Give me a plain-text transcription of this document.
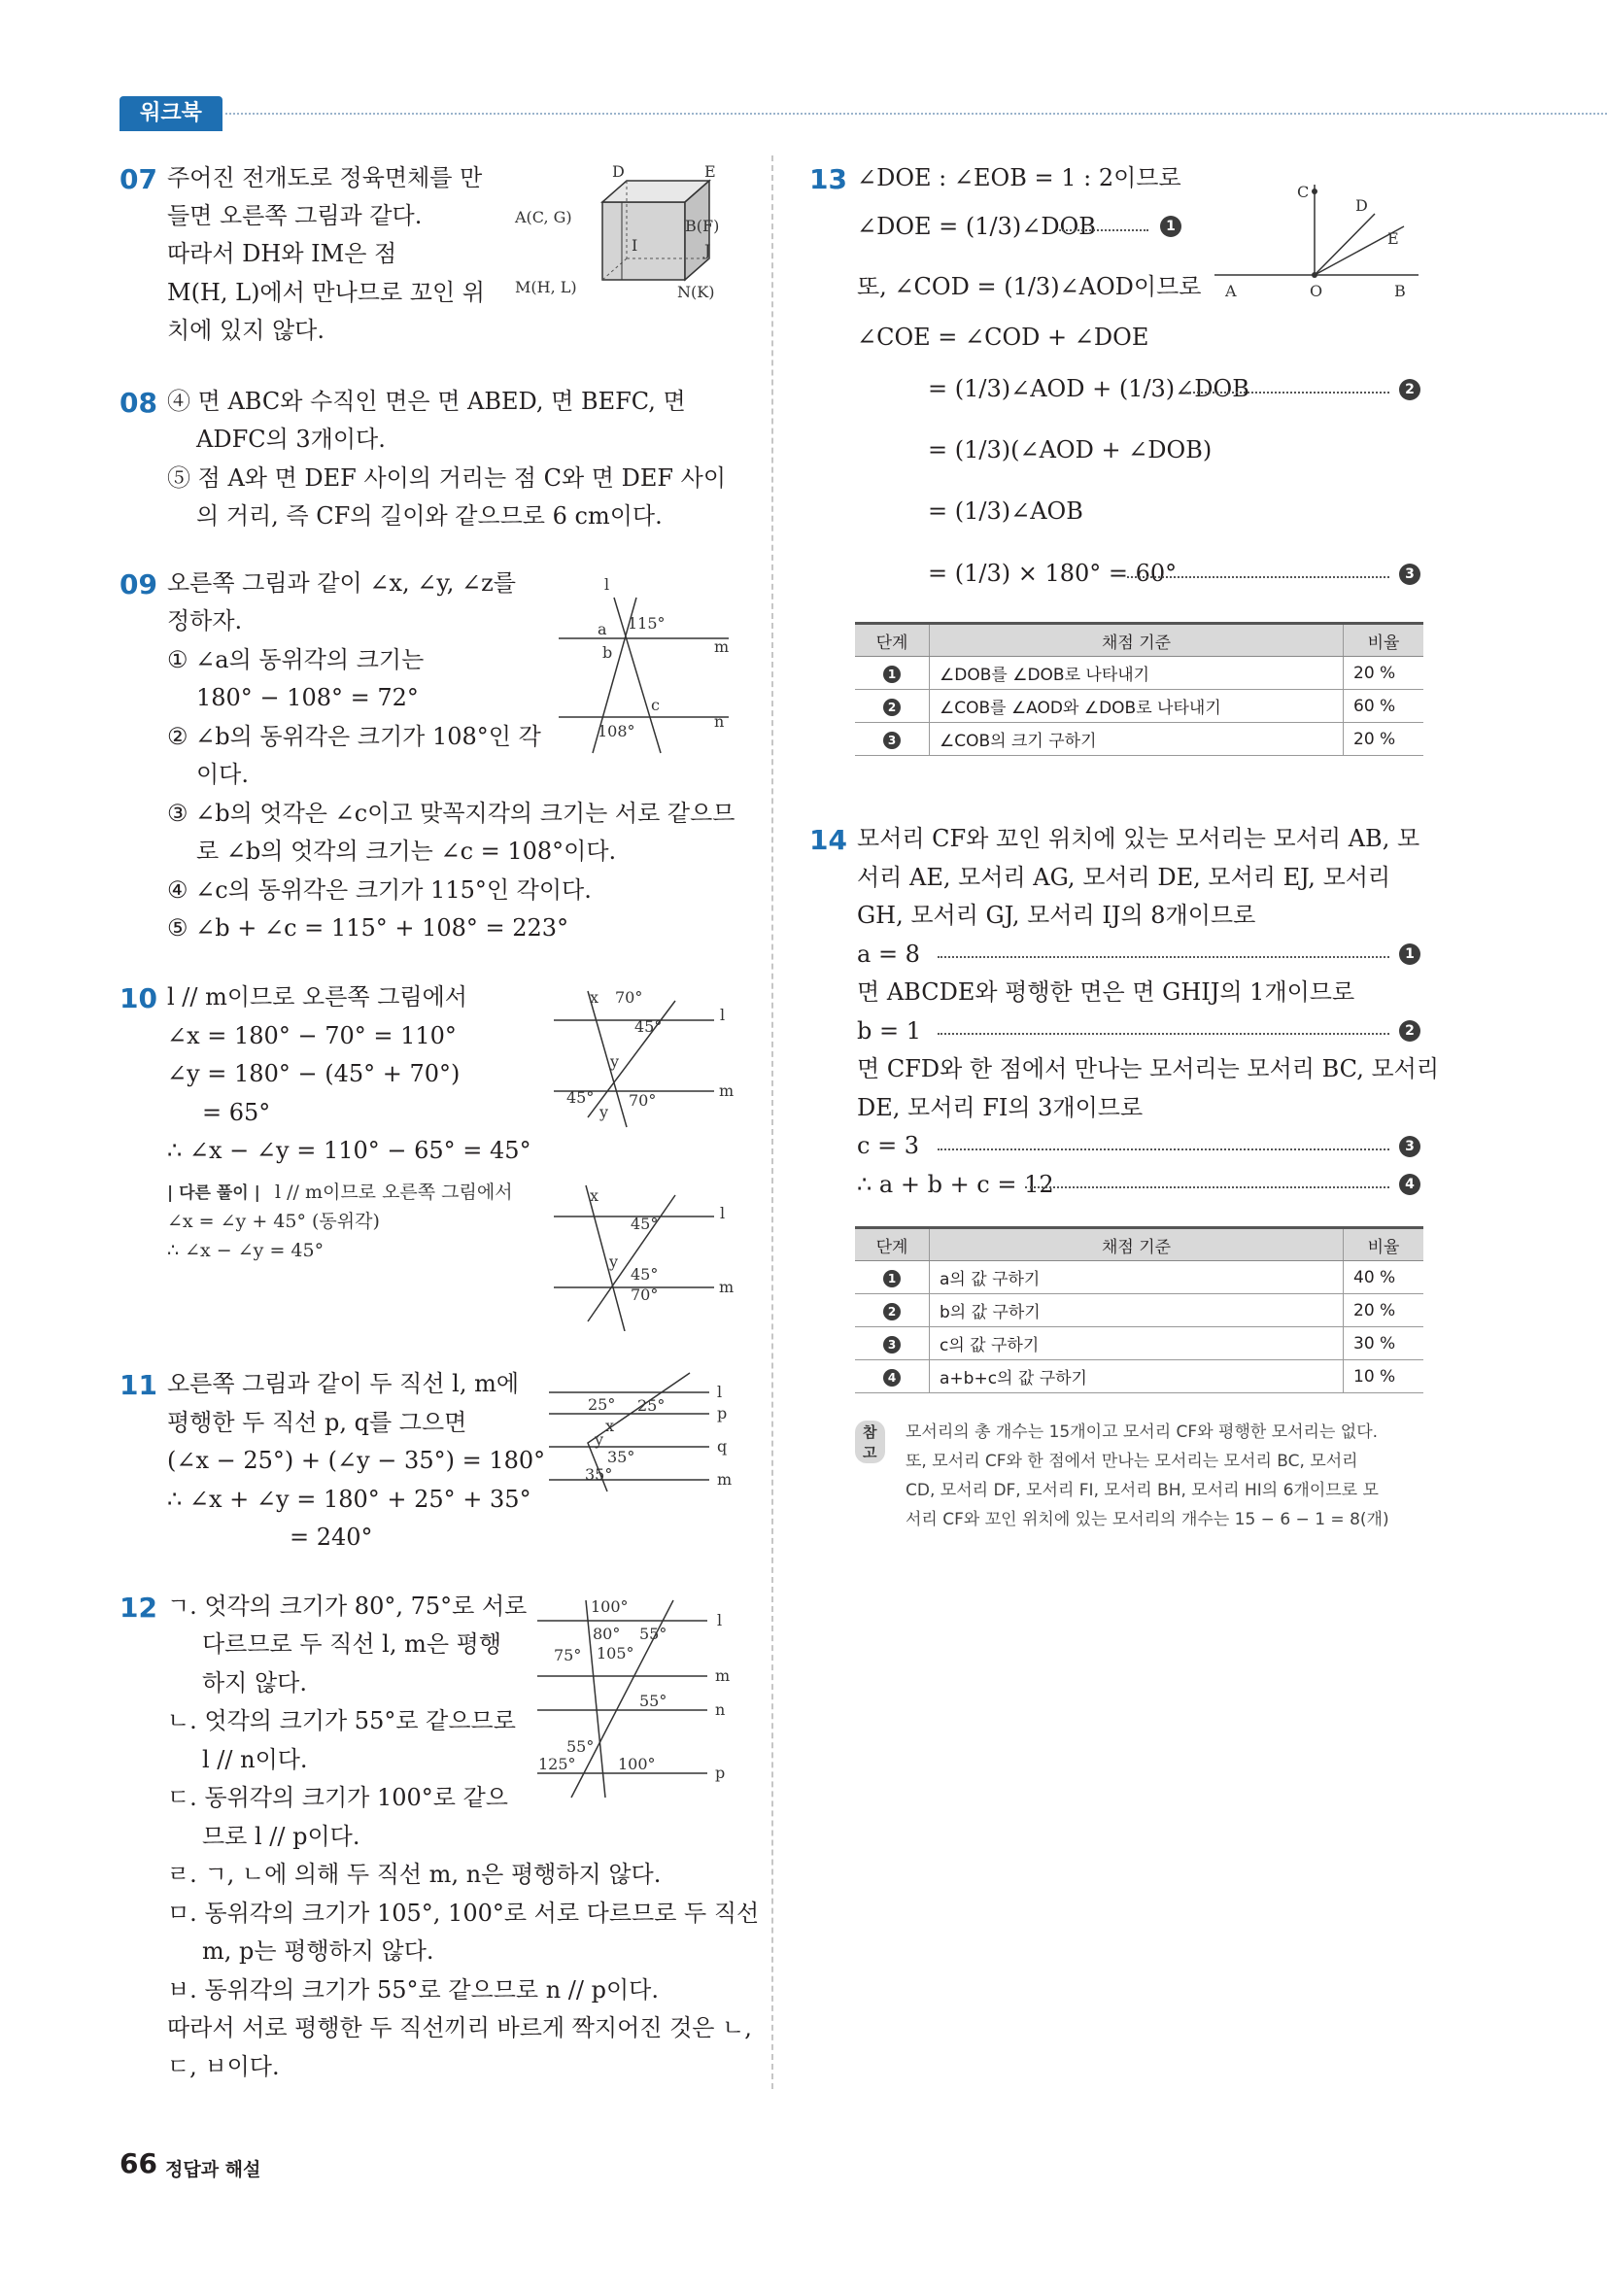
워크북
07 주어진 전개도로 정육면체를 만
들면 오른쪽 그림과 같다.
따라서 DH와 IM은 점
M(H, L)에서 만나므로 꼬인 위
치에 있지 않다.
D	E
A(C, G)	B(F)
I	J
M(H, L)	N(K)
08 ④ 면 ABC와 수직인 면은 면 ABED, 면 BEFC, 면
ADFC의 3개이다.
⑤ 점 A와 면 DEF 사이의 거리는 점 C와 면 DEF 사이
의 거리, 즉 CF의 길이와 같으므로 6 cm이다.
09 오른쪽 그림과 같이 ∠x, ∠y, ∠z를
정하자.
① ∠a의 동위각의 크기는
180° − 108° = 72°
② ∠b의 동위각은 크기가 108°인 각
이다.
③ ∠b의 엇각은 ∠c이고 맞꼭지각의 크기는 서로 같으므
로 ∠b의 엇각의 크기는 ∠c = 108°이다.
④ ∠c의 동위각은 크기가 115°인 각이다.
⑤ ∠b + ∠c = 115° + 108° = 223°
l
a 115°
b	m
c
n
108°
10 l // m이므로 오른쪽 그림에서
∠x = 180° − 70° = 110°
∠y = 180° − (45° + 70°)
= 65°
∴ ∠x − ∠y = 110° − 65° = 45°
| 다른 풀이 | l // m이므로 오른쪽 그림에서
∠x = ∠y + 45° (동위각)
∴ ∠x − ∠y = 45°
x 70°
45°
l
y
m
45° 70°
y
x
45°
l
y
45°
70°	m
11 오른쪽 그림과 같이 두 직선 l, m에
평행한 두 직선 p, q를 그으면
(∠x − 25°) + (∠y − 35°) = 180°
∴ ∠x + ∠y = 180° + 25° + 35°
= 240°
l
25° 25°	p
x
q
y
35°
35°	m
12 ㄱ. 엇각의 크기가 80°, 75°로 서로
다르므로 두 직선 l, m은 평행
하지 않다.
ㄴ. 엇각의 크기가 55°로 같으므로
l // n이다.
ㄷ. 동위각의 크기가 100°로 같으
므로 l // p이다.
ㄹ. ㄱ, ㄴ에 의해 두 직선 m, n은 평행하지 않다.
ㅁ. 동위각의 크기가 105°, 100°로 서로 다르므로 두 직선
m, p는 평행하지 않다.
ㅂ. 동위각의 크기가 55°로 같으므로 n // p이다.
따라서 서로 평행한 두 직선끼리 바르게 짝지어진 것은 ㄴ,
ㄷ, ㅂ이다.
100°
l
80° 55°
75° 105°
m
55°	n
55°
125°	100°	p
13 ∠DOE : ∠EOB = 1 : 2이므로
∠DOE = (1/3)∠DOB	1
또, ∠COD = (1/3)∠AOD이므로
∠COE = ∠COD + ∠DOE
= (1/3)∠AOD + (1/3)∠DOB	2
= (1/3)(∠AOD + ∠DOB)
= (1/3)∠AOB
= (1/3) × 180° = 60°	3
C
D
E
A	O	B
단계	채점 기준	비율
1	∠DOB를 ∠DOB로 나타내기	20 %
2	∠COB를 ∠AOD와 ∠DOB로 나타내기	60 %
3	∠COB의 크기 구하기	20 %
14 모서리 CF와 꼬인 위치에 있는 모서리는 모서리 AB, 모
서리 AE, 모서리 AG, 모서리 DE, 모서리 EJ, 모서리
GH, 모서리 GJ, 모서리 IJ의 8개이므로
a = 8	1
면 ABCDE와 평행한 면은 면 GHIJ의 1개이므로
b = 1	2
면 CFD와 한 점에서 만나는 모서리는 모서리 BC, 모서리
DE, 모서리 FI의 3개이므로
c = 3	3
∴ a + b + c = 12	4
단계	채점 기준	비율
1	a의 값 구하기	40 %
2	b의 값 구하기	20 %
3	c의 값 구하기	30 %
4	a+b+c의 값 구하기	10 %
참고
모서리의 총 개수는 15개이고 모서리 CF와 평행한 모서리는 없다.
또, 모서리 CF와 한 점에서 만나는 모서리는 모서리 BC, 모서리
CD, 모서리 DF, 모서리 FI, 모서리 BH, 모서리 HI의 6개이므로 모
서리 CF와 꼬인 위치에 있는 모서리의 개수는 15 − 6 − 1 = 8(개)
66 정답과 해설
